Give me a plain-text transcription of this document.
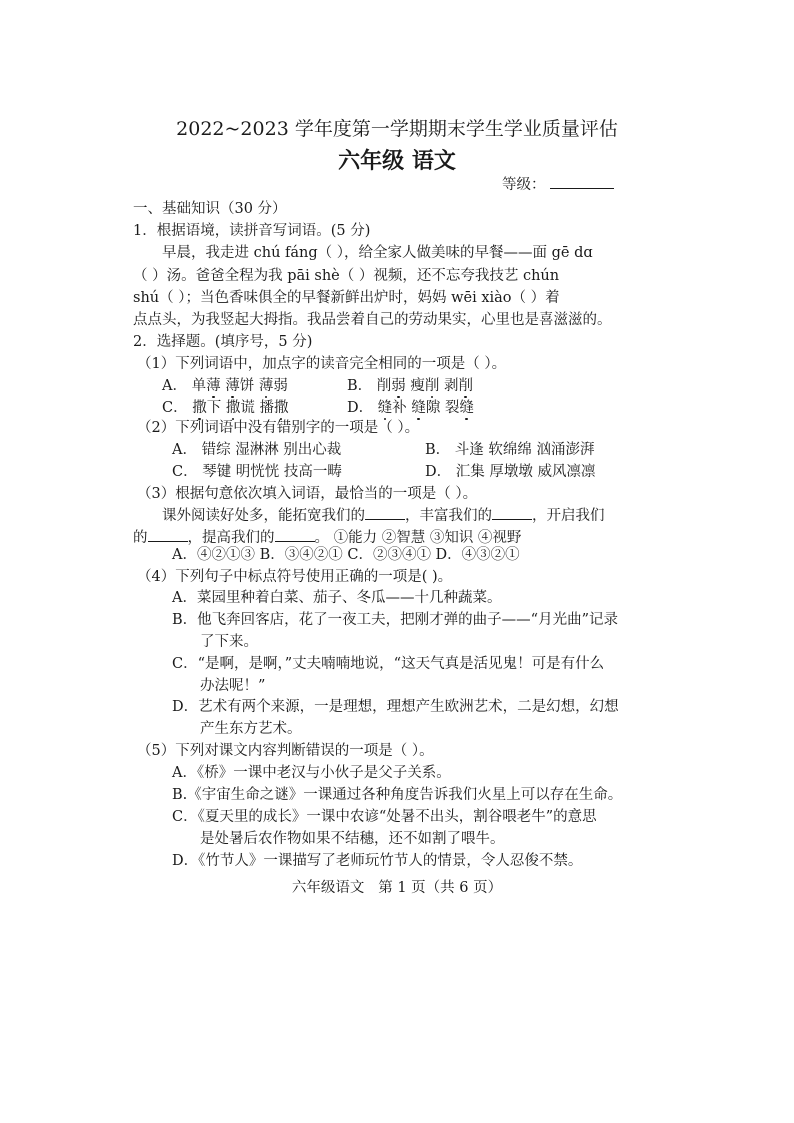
2022~2023 学年度第一学期期末学生学业质量评估
六年级 语文
等级：
一、基础知识（30 分）
1．根据语境，读拼音写词语。(5 分)
早晨，我走进 chú fáng（ ），给全家人做美味的早餐——面 gē dɑ
（ ）汤。爸爸全程为我 pāi shè（ ）视频，还不忘夸我技艺 chún
shú（ ）；当色香味俱全的早餐新鲜出炉时，妈妈 wēi xiào（ ）着
点点头，为我竖起大拇指。我品尝着自己的劳动果实，心里也是喜滋滋的。
2．选择题。(填序号，5 分)
（1）下列词语中，加点字的读音完全相同的一项是（ ）。
A． 单薄 薄饼 薄弱	B． 削弱 瘦削 剥削
C． 撒下 撒谎 播撒	D． 缝补 缝隙 裂缝
（2）下列词语中没有错别字的一项是（ ）。
A． 错综 湿淋淋 别出心裁	B． 斗逢 软绵绵 汹涌澎湃
C． 琴键 明恍恍 技高一畴	D． 汇集 厚墩墩 威风凛凛
（3）根据句意依次填入词语，最恰当的一项是（ ）。
课外阅读好处多，能拓宽我们的	，丰富我们的	，开启我们
的	，提高我们的	。 ①能力 ②智慧 ③知识 ④视野
A．④②①③ B．③④②① C．②③④① D．④③②①
（4）下列句子中标点符号使用正确的一项是( )。
A．菜园里种着白菜、茄子、冬瓜——十几种蔬菜。
B．他飞奔回客店，花了一夜工夫，把刚才弹的曲子——“月光曲”记录
了下来。
C．“是啊，是啊，”丈夫喃喃地说，“这天气真是活见鬼！可是有什么
办法呢！”
D．艺术有两个来源，一是理想，理想产生欧洲艺术，二是幻想，幻想
产生东方艺术。
（5）下列对课文内容判断错误的一项是（ ）。
A．《桥》一课中老汉与小伙子是父子关系。
B.《宇宙生命之谜》一课通过各种角度告诉我们火星上可以存在生命。
C．《夏天里的成长》一课中农谚“处暑不出头，割谷喂老牛”的意思
是处暑后农作物如果不结穗，还不如割了喂牛。
D．《竹节人》一课描写了老师玩竹节人的情景，令人忍俊不禁。
六年级语文   第 1 页（共 6 页）
